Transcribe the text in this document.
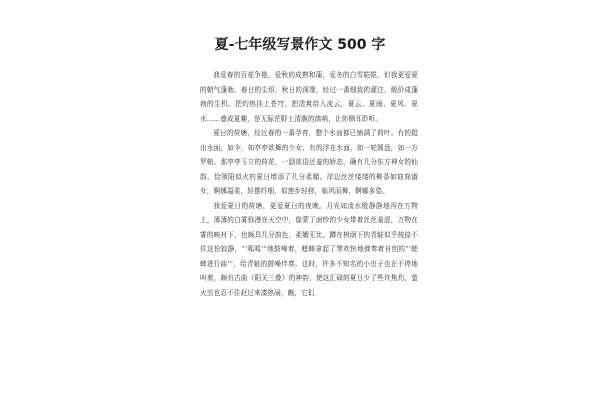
夏-七年级写景作文 500 字

我爱春的百花争艳，爱秋的成熟和蒲，爱冬的白雪皑皑，但我更爱夏的朝气蓬勃。春日的尘垠，秋日的深邃，经过一番细致的灌注，煅价成蓬勃的生机。把灼热挂上苍穹，把清爽给入流云，夏云、夏雨、夏风、夏水……叠成夏趣，是无际茫野上清脆的鸽哨，让你侧耳聆听。

夏日的荷塘，经过春的一番孕育，整个水面都已铺满了荷叶。有的挺出水面，如伞，如亭亭欲舞的少女；有的浮在水面，如一轮圆盘，如一方罗帕。那亭亭玉立的荷花，一副欲语还羞的娇态，确有几分东方神女的仙韵，恰领阳似火的夏日增添了几分柔媚。岸边丝丝缕缕的柳条如窈窕淑女，婀娜温柔，轻摆纤细，似莲步轻移，临风而舞，婀娜多姿。

我爱夏日的荷塘，更爱夏日的夜晚。月光如流水般静静地泻在万物上，薄薄的白雾弥漫在天空中，像蒙了面纱的少女带着丝丝羞涩，万物在雾的映衬下，也颇具几分韵色，柔媚无比。蹲在树荫下的青蛙似乎按捺不住这份寂静，“‘呱呱’”地鼓噪着，蟋蟀拿起了琴欢快地弹奏着自创的“‘蟋蟀进行曲’”，给青蛙的鼓噪伴奏。这时，许多不知名的小虫子也在不停地叫着，颇有古曲《阳关三叠》的神韵，使这汇碌的夏日少了些许焦灼，萤火虫也忍不住赶过来凑热闹，瞧，它们
